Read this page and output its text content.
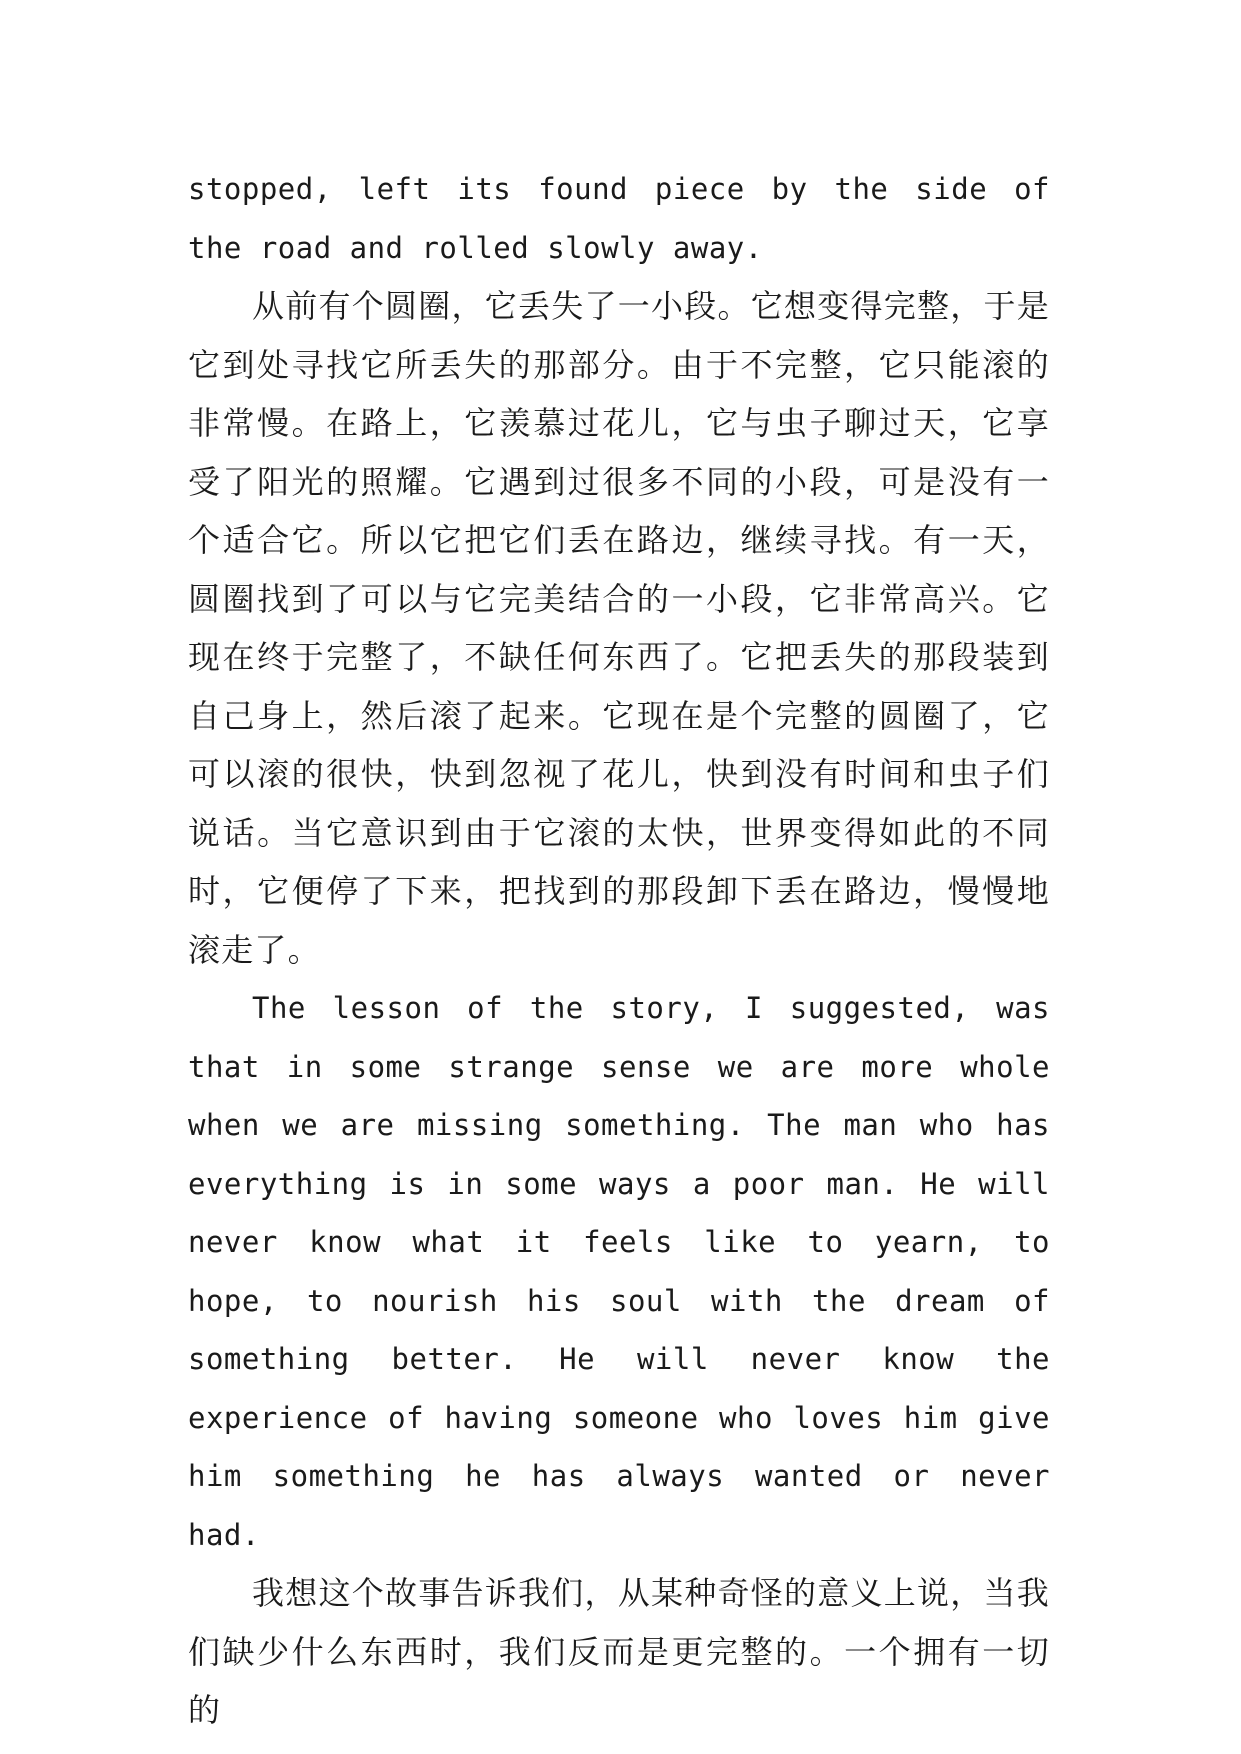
stopped, left its found piece by the side of the road and rolled slowly away.

从前有个圆圈，它丢失了一小段。它想变得完整，于是它到处寻找它所丢失的那部分。由于不完整，它只能滚的非常慢。在路上，它羡慕过花儿，它与虫子聊过天，它享受了阳光的照耀。它遇到过很多不同的小段，可是没有一个适合它。所以它把它们丢在路边，继续寻找。有一天，圆圈找到了可以与它完美结合的一小段，它非常高兴。它现在终于完整了，不缺任何东西了。它把丢失的那段装到自己身上，然后滚了起来。它现在是个完整的圆圈了，它可以滚的很快，快到忽视了花儿，快到没有时间和虫子们说话。当它意识到由于它滚的太快，世界变得如此的不同时，它便停了下来，把找到的那段卸下丢在路边，慢慢地滚走了。

The lesson of the story, I suggested, was that in some strange sense we are more whole when we are missing something. The man who has everything is in some ways a poor man. He will never know what it feels like to yearn, to hope, to nourish his soul with the dream of something better. He will never know the experience of having someone who loves him give him something he has always wanted or never had.

我想这个故事告诉我们，从某种奇怪的意义上说，当我们缺少什么东西时，我们反而是更完整的。一个拥有一切的
